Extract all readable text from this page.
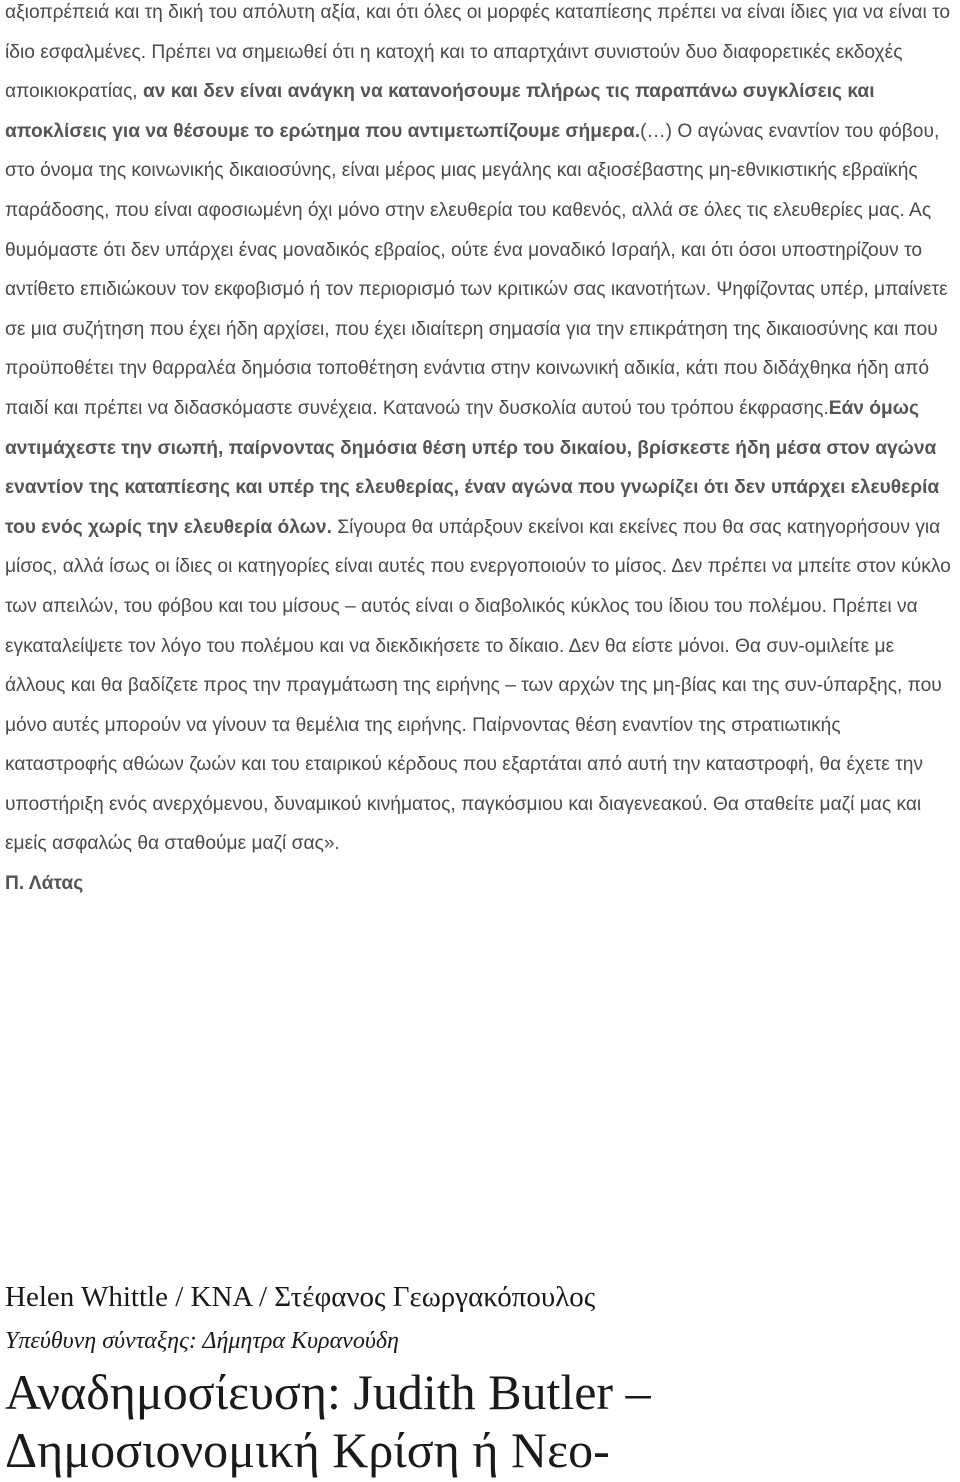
αξιοπρέπειά και τη δική του απόλυτη αξία, και ότι όλες οι μορφές καταπίεσης πρέπει να είναι ίδιες για να είναι το ίδιο εσφαλμένες. Πρέπει να σημειωθεί ότι η κατοχή και το απαρτχάιντ συνιστούν δυο διαφορετικές εκδοχές αποικιοκρατίας, αν και δεν είναι ανάγκη να κατανοήσουμε πλήρως τις παραπάνω συγκλίσεις και αποκλίσεις για να θέσουμε το ερώτημα που αντιμετωπίζουμε σήμερα.(…) Ο αγώνας εναντίον του φόβου, στο όνομα της κοινωνικής δικαιοσύνης, είναι μέρος μιας μεγάλης και αξιοσέβαστης μη-εθνικιστικής εβραϊκής παράδοσης, που είναι αφοσιωμένη όχι μόνο στην ελευθερία του καθενός, αλλά σε όλες τις ελευθερίες μας. Ας θυμόμαστε ότι δεν υπάρχει ένας μοναδικός εβραίος, ούτε ένα μοναδικό Ισραήλ, και ότι όσοι υποστηρίζουν το αντίθετο επιδιώκουν τον εκφοβισμό ή τον περιορισμό των κριτικών σας ικανοτήτων. Ψηφίζοντας υπέρ, μπαίνετε σε μια συζήτηση που έχει ήδη αρχίσει, που έχει ιδιαίτερη σημασία για την επικράτηση της δικαιοσύνης και που προϋποθέτει την θαρραλέα δημόσια τοποθέτηση ενάντια στην κοινωνική αδικία, κάτι που διδάχθηκα ήδη από παιδί και πρέπει να διδασκόμαστε συνέχεια. Κατανοώ την δυσκολία αυτού του τρόπου έκφρασης.Εάν όμως αντιμάχεστε την σιωπή, παίρνοντας δημόσια θέση υπέρ του δικαίου, βρίσκεστε ήδη μέσα στον αγώνα εναντίον της καταπίεσης και υπέρ της ελευθερίας, έναν αγώνα που γνωρίζει ότι δεν υπάρχει ελευθερία του ενός χωρίς την ελευθερία όλων. Σίγουρα θα υπάρξουν εκείνοι και εκείνες που θα σας κατηγορήσουν για μίσος, αλλά ίσως οι ίδιες οι κατηγορίες είναι αυτές που ενεργοποιούν το μίσος. Δεν πρέπει να μπείτε στον κύκλο των απειλών, του φόβου και του μίσους – αυτός είναι ο διαβολικός κύκλος του ίδιου του πολέμου. Πρέπει να εγκαταλείψετε τον λόγο του πολέμου και να διεκδικήσετε το δίκαιο. Δεν θα είστε μόνοι. Θα συν-ομιλείτε με άλλους και θα βαδίζετε προς την πραγμάτωση της ειρήνης – των αρχών της μη-βίας και της συν-ύπαρξης, που μόνο αυτές μπορούν να γίνουν τα θεμέλια της ειρήνης. Παίρνοντας θέση εναντίον της στρατιωτικής καταστροφής αθώων ζωών και του εταιρικού κέρδους που εξαρτάται από αυτή την καταστροφή, θα έχετε την υποστήριξη ενός ανερχόμενου, δυναμικού κινήματος, παγκόσμιου και διαγενεακού. Θα σταθείτε μαζί μας και εμείς ασφαλώς θα σταθούμε μαζί σας».

Π. Λάτας

Helen Whittle / KNA / Στέφανος Γεωργακόπουλος

Υπεύθυνη σύνταξης: Δήμητρα Κυρανούδη

Αναδημοσίευση: Judith Butler – Δημοσιονομική Κρίση ή Νεο-
